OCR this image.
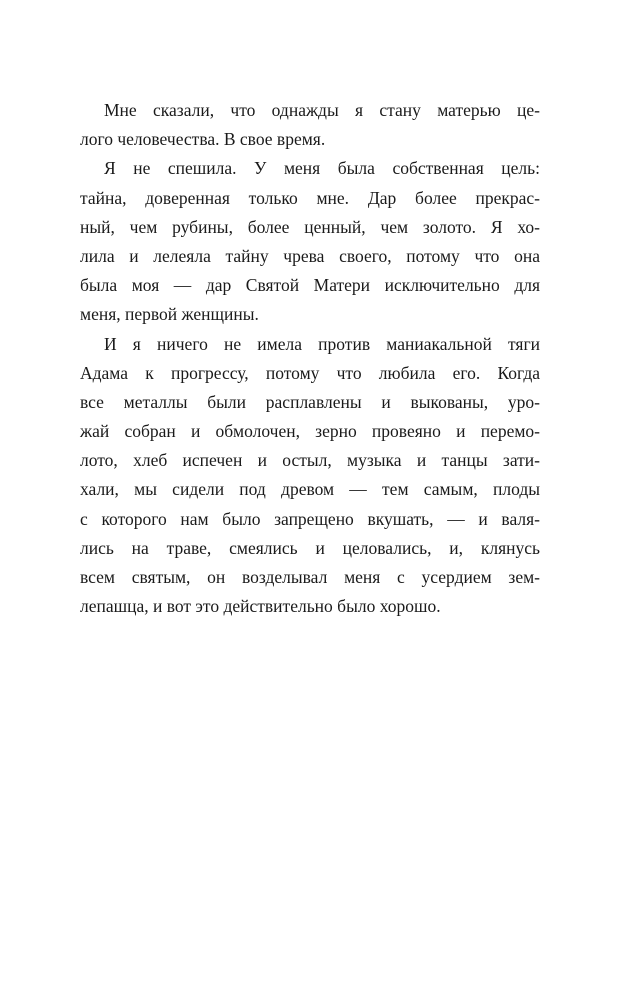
Мне сказали, что однажды я стану матерью це-
лого человечества. В свое время.
Я не спешила. У меня была собственная цель:
тайна, доверенная только мне. Дар более прекрас-
ный, чем рубины, более ценный, чем золото. Я хо-
лила и лелеяла тайну чрева своего, потому что она
была моя — дар Святой Матери исключительно для
меня, первой женщины.
И я ничего не имела против маниакальной тяги
Адама к прогрессу, потому что любила его. Когда
все металлы были расплавлены и выкованы, уро-
жай собран и обмолочен, зерно провеяно и перемо-
лото, хлеб испечен и остыл, музыка и танцы зати-
хали, мы сидели под древом — тем самым, плоды
с которого нам было запрещено вкушать, — и валя-
лись на траве, смеялись и целовались, и, клянусь
всем святым, он возделывал меня с усердием зем-
лепашца, и вот это действительно было хорошо.
